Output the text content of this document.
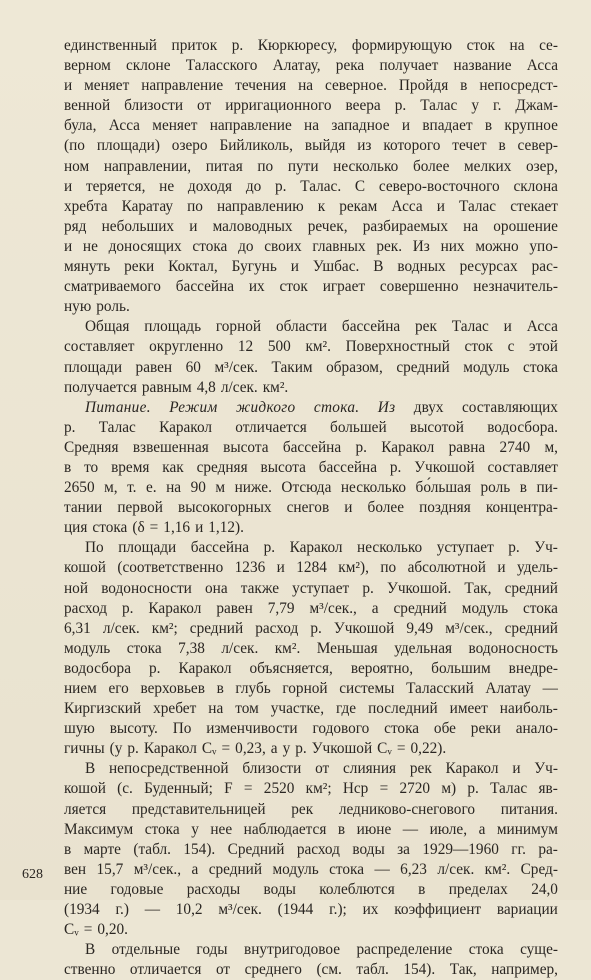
единственный приток р. Кюркюресу, формирующую сток на се-
верном склоне Таласского Алатау, река получает название Асса
и меняет направление течения на северное. Пройдя в непосредст-
венной близости от ирригационного веера р. Талас у г. Джам-
була, Асса меняет направление на западное и впадает в крупное
(по площади) озеро Бийликоль, выйдя из которого течет в север-
ном направлении, питая по пути несколько более мелких озер,
и теряется, не доходя до р. Талас. С северо-восточного склона
хребта Каратау по направлению к рекам Асса и Талас стекает
ряд небольших и маловодных речек, разбираемых на орошение
и не доносящих стока до своих главных рек. Из них можно упо-
мянуть реки Коктал, Бугунь и Ушбас. В водных ресурсах рас-
сматриваемого бассейна их сток играет совершенно незначитель-
ную роль.
Общая площадь горной области бассейна рек Талас и Асса
составляет округленно 12 500 км². Поверхностный сток с этой
площади равен 60 м³/сек. Таким образом, средний модуль стока
получается равным 4,8 л/сек. км².
Питание. Режим жидкого стока. Из двух составляющих
р. Талас Каракол отличается большей высотой водосбора.
Средняя взвешенная высота бассейна р. Каракол равна 2740 м,
в то время как средняя высота бассейна р. Учкошой составляет
2650 м, т. е. на 90 м ниже. Отсюда несколько бо́льшая роль в пи-
тании первой высокогорных снегов и более поздняя концентра-
ция стока (δ = 1,16 и 1,12).
По площади бассейна р. Каракол несколько уступает р. Уч-
кошой (соответственно 1236 и 1284 км²), по абсолютной и удель-
ной водоносности она также уступает р. Учкошой. Так, средний
расход р. Каракол равен 7,79 м³/сек., а средний модуль стока
6,31 л/сек. км²; средний расход р. Учкошой 9,49 м³/сек., средний
модуль стока 7,38 л/сек. км². Меньшая удельная водоносность
водосбора р. Каракол объясняется, вероятно, большим внедре-
нием его верховьев в глубь горной системы Таласский Алатау —
Киргизский хребет на том участке, где последний имеет наиболь-
шую высоту. По изменчивости годового стока обе реки анало-
гичны (у р. Каракол Cᵥ = 0,23, а у р. Учкошой Cᵥ = 0,22).
В непосредственной близости от слияния рек Каракол и Уч-
кошой (с. Буденный; F = 2520 км²; Hср = 2720 м) р. Талас яв-
ляется представительницей рек ледниково-снегового питания.
Максимум стока у нее наблюдается в июне — июле, а минимум
в марте (табл. 154). Средний расход воды за 1929—1960 гг. ра-
вен 15,7 м³/сек., а средний модуль стока — 6,23 л/сек. км². Сред-
ние годовые расходы воды колеблются в пределах 24,0
(1934 г.) — 10,2 м³/сек. (1944 г.); их коэффициент вариации
Cᵥ = 0,20.
В отдельные годы внутригодовое распределение стока суще-
ственно отличается от среднего (см. табл. 154). Так, например,
628
